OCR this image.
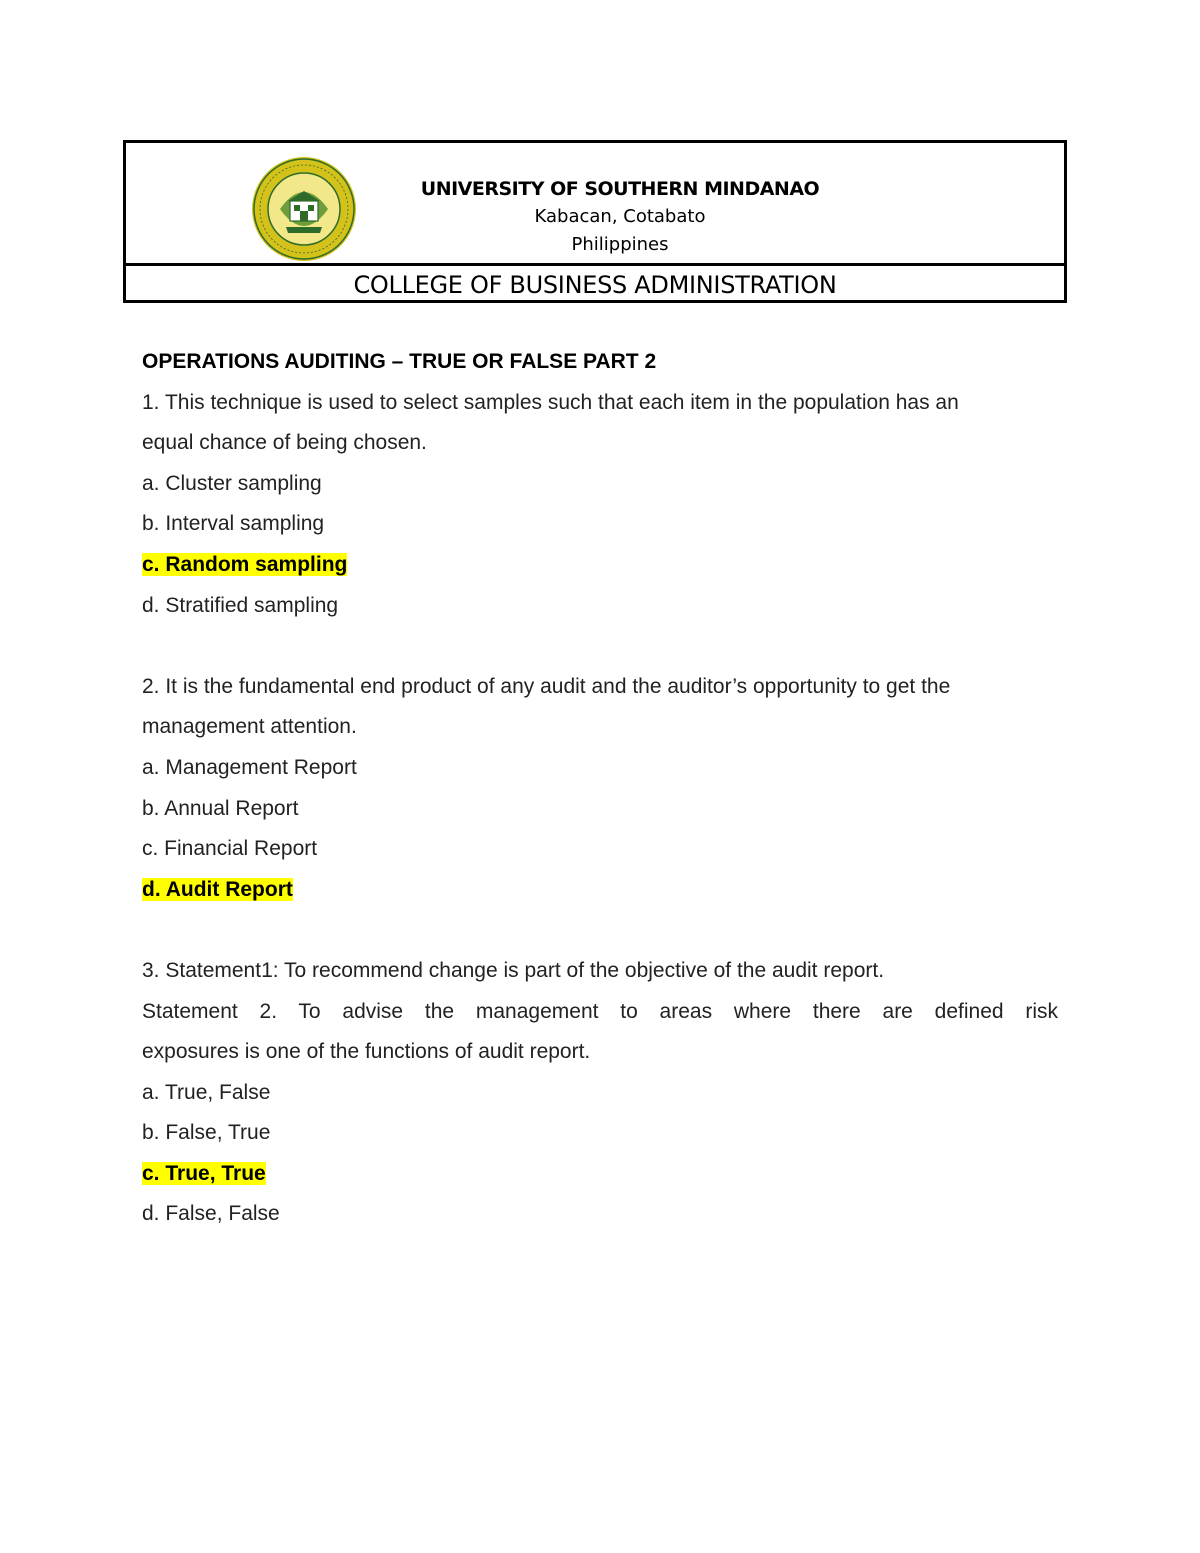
UNIVERSITY OF SOUTHERN MINDANAO
Kabacan, Cotabato
Philippines
COLLEGE OF BUSINESS ADMINISTRATION
OPERATIONS AUDITING – TRUE OR FALSE PART 2
1. This technique is used to select samples such that each item in the population has an
equal chance of being chosen.
a. Cluster sampling
b. Interval sampling
c. Random sampling
d. Stratified sampling
2. It is the fundamental end product of any audit and the auditor’s opportunity to get the
management attention.
a. Management Report
b. Annual Report
c. Financial Report
d. Audit Report
3. Statement1: To recommend change is part of the objective of the audit report.
Statement 2. To advise the management to areas where there are defined risk
exposures is one of the functions of audit report.
a. True, False
b. False, True
c. True, True
d. False, False
